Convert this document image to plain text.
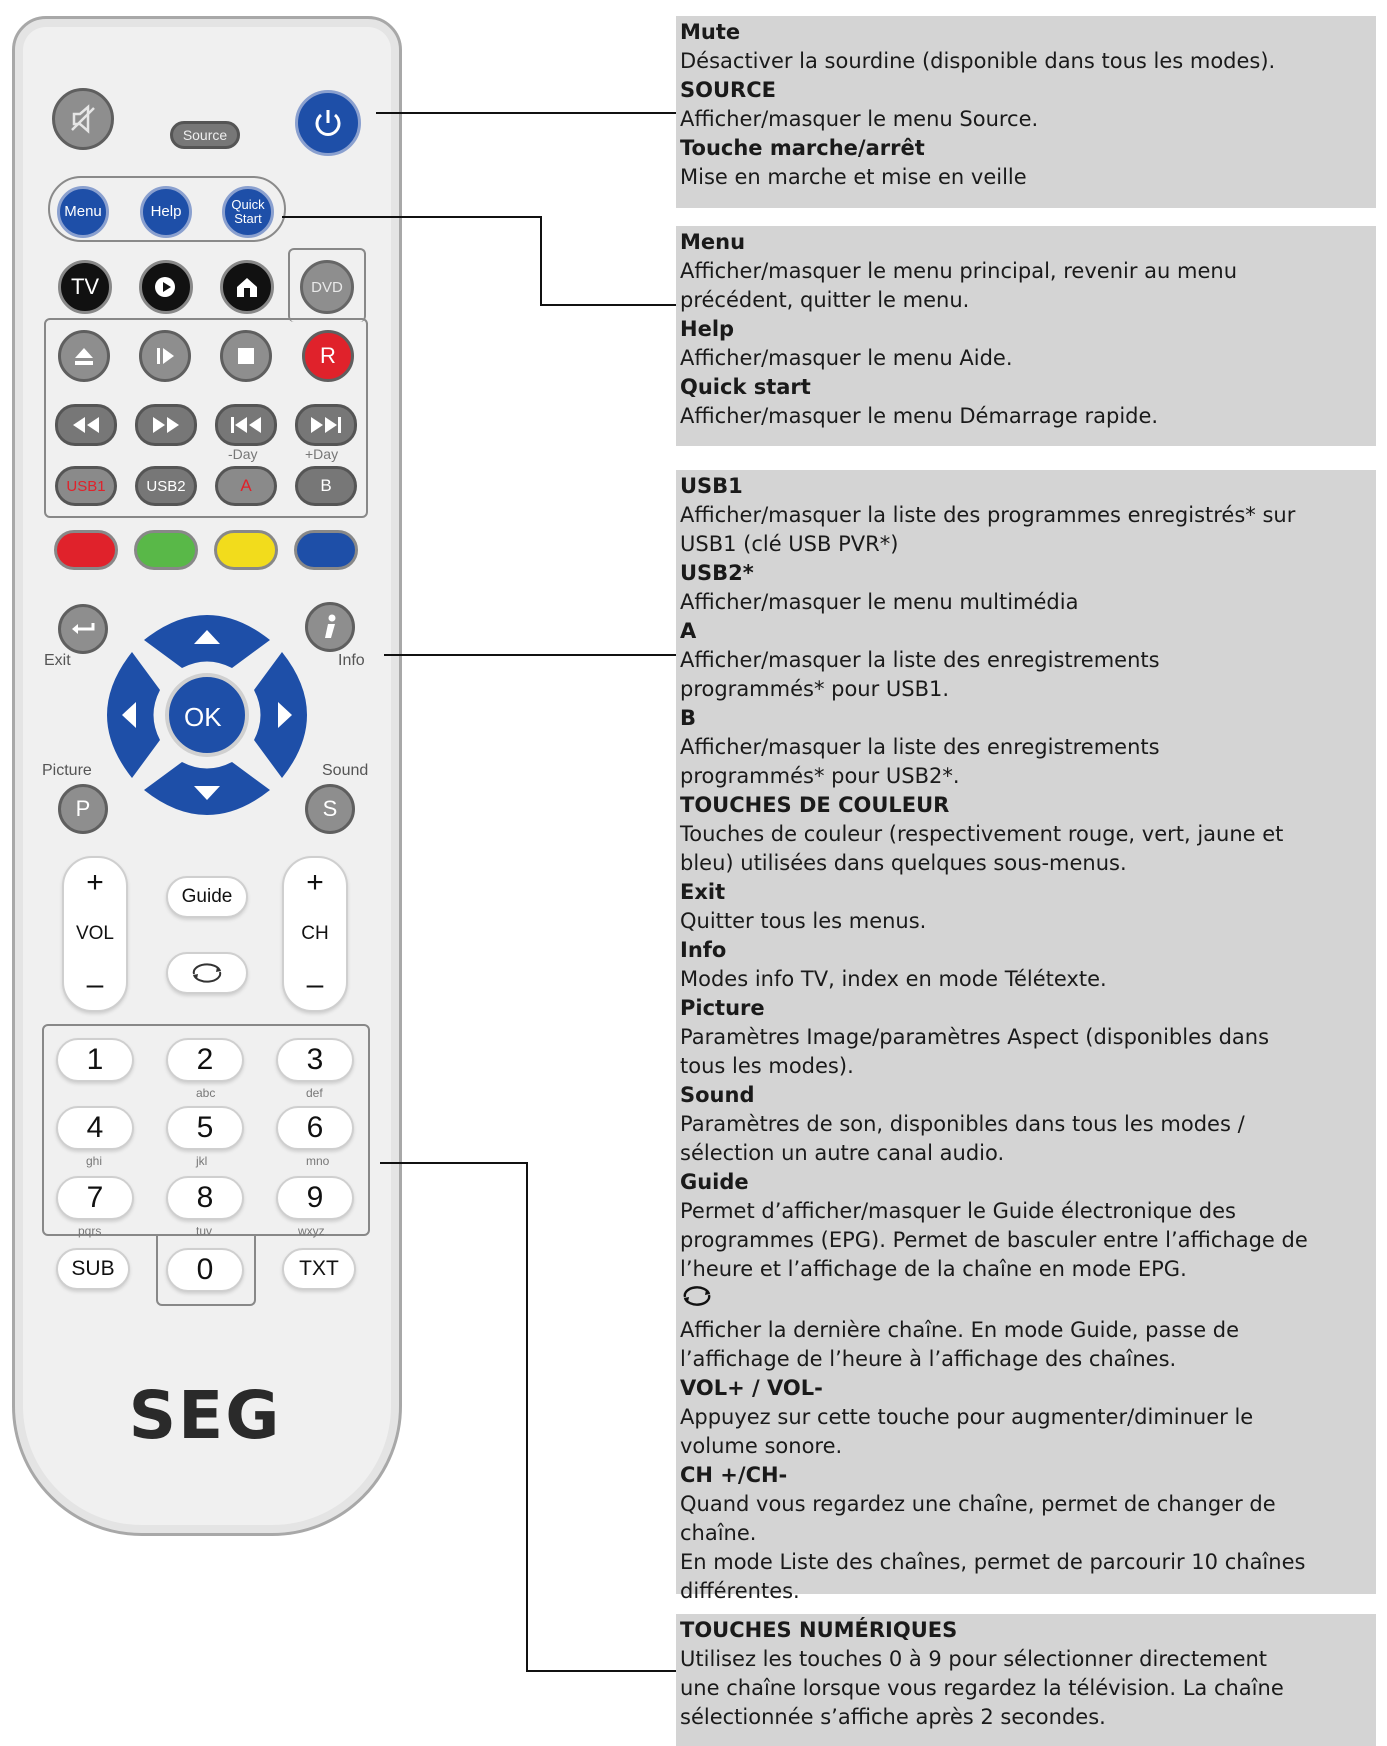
Source
Menu	Help	Quick Start
TV	DVD
R
-Day	+Day
USB1	USB2	A	B
Exit	Info
OK
Picture
P
Sound
S
+
VOL
–
Guide +
CH
–
1	2
abc
3
def
4
ghi
5
jkl
6
mno
7
pqrs
8
tuv
9
wxyz
0
SUB	TXT
SEG

Mute

Désactiver la sourdine (disponible dans tous les modes).

SOURCE

Afficher/masquer le menu Source.

Touche marche/arrêt

Mise en marche et mise en veille

Menu

Afficher/masquer le menu principal, revenir au menu

précédent, quitter le menu.

Help

Afficher/masquer le menu Aide.

Quick start

Afficher/masquer le menu Démarrage rapide.

USB1

Afficher/masquer la liste des programmes enregistrés* sur

USB1 (clé USB PVR*)

USB2*

Afficher/masquer le menu multimédia

A

Afficher/masquer la liste des enregistrements

programmés* pour USB1.

B

Afficher/masquer la liste des enregistrements

programmés* pour USB2*.

TOUCHES DE COULEUR

Touches de couleur (respectivement rouge, vert, jaune et

bleu) utilisées dans quelques sous-menus.

Exit

Quitter tous les menus.

Info

Modes info TV, index en mode Télétexte.

Picture

Paramètres Image/paramètres Aspect (disponibles dans

tous les modes).

Sound

Paramètres de son, disponibles dans tous les modes /

sélection un autre canal audio.

Guide

Permet d’afficher/masquer le Guide électronique des

programmes (EPG). Permet de basculer entre l’affichage de

l’heure et l’affichage de la chaîne en mode EPG.

Afficher la dernière chaîne. En mode Guide, passe de

l’affichage de l’heure à l’affichage des chaînes.

VOL+ / VOL-

Appuyez sur cette touche pour augmenter/diminuer le

volume sonore.

CH +/CH-

Quand vous regardez une chaîne, permet de changer de

chaîne.

En mode Liste des chaînes, permet de parcourir 10 chaînes

différentes.

TOUCHES NUMÉRIQUES

Utilisez les touches 0 à 9 pour sélectionner directement

une chaîne lorsque vous regardez la télévision. La chaîne

sélectionnée s’affiche après 2 secondes.
